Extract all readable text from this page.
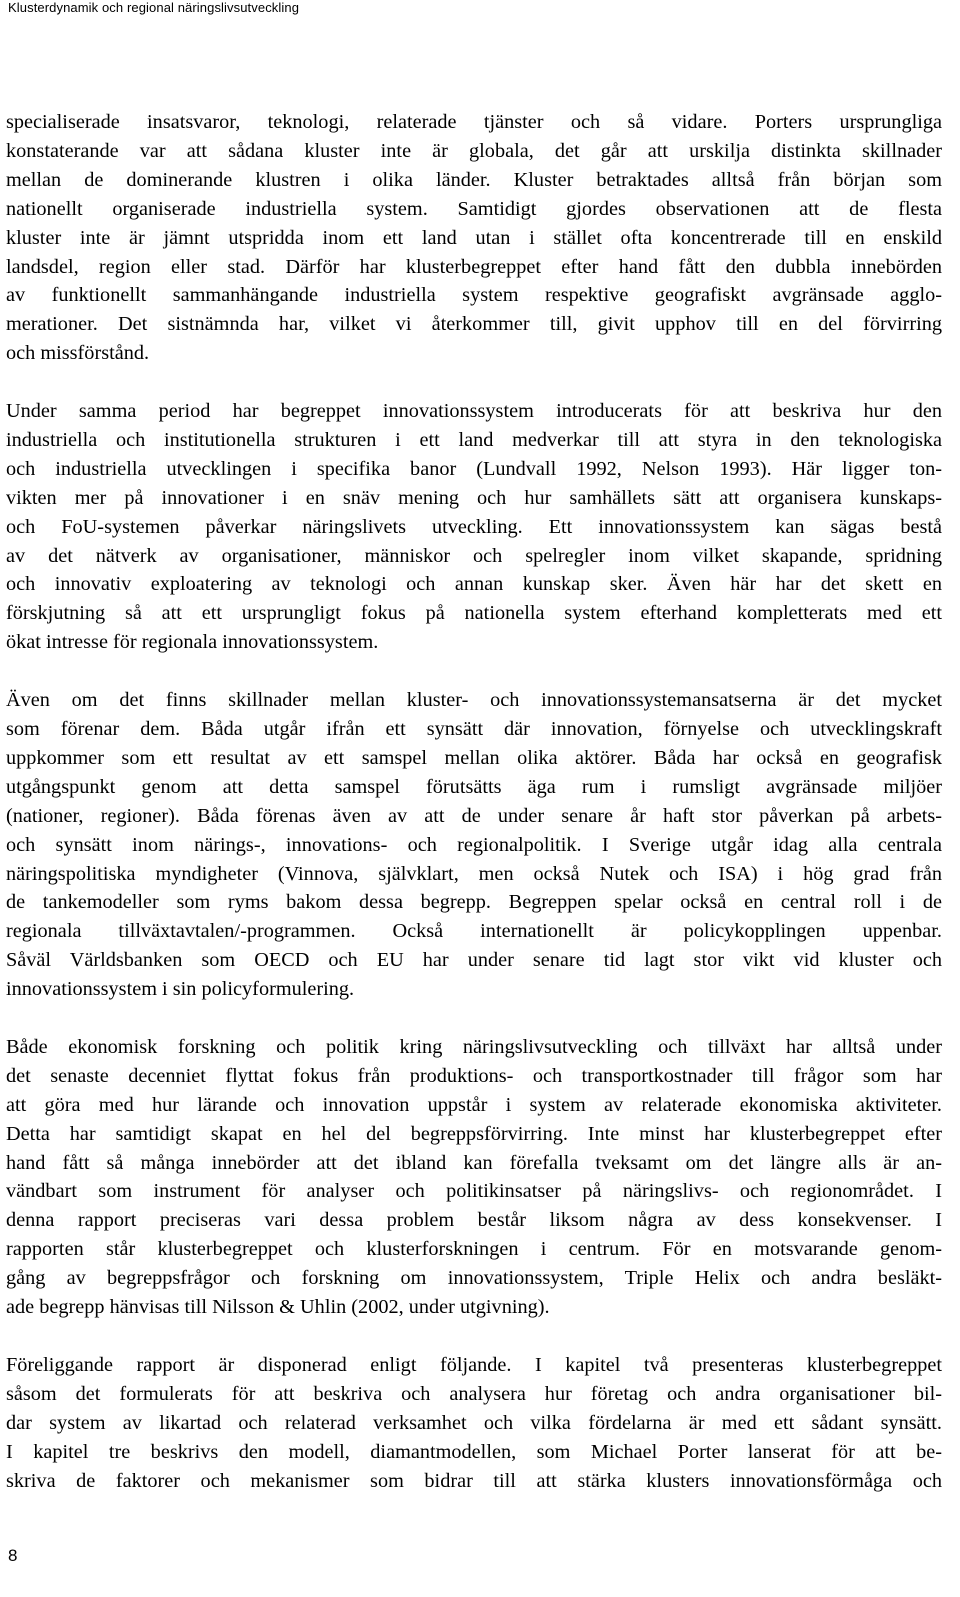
Klusterdynamik och regional näringslivsutveckling

specialiserade insatsvaror, teknologi, relaterade tjänster och så vidare. Porters ursprungliga
konstaterande var att sådana kluster inte är globala, det går att urskilja distinkta skillnader
mellan de dominerande klustren i olika länder. Kluster betraktades alltså från början som
nationellt organiserade industriella system. Samtidigt gjordes observationen att de flesta
kluster inte är jämnt utspridda inom ett land utan i stället ofta koncentrerade till en enskild
landsdel, region eller stad. Därför har klusterbegreppet efter hand fått den dubbla innebörden
av funktionellt sammanhängande industriella system respektive geografiskt avgränsade agglo-
merationer. Det sistnämnda har, vilket vi återkommer till, givit upphov till en del förvirring
och missförstånd.

Under samma period har begreppet innovationssystem introducerats för att beskriva hur den
industriella och institutionella strukturen i ett land medverkar till att styra in den teknologiska
och industriella utvecklingen i specifika banor (Lundvall 1992, Nelson 1993). Här ligger ton-
vikten mer på innovationer i en snäv mening och hur samhällets sätt att organisera kunskaps-
och FoU-systemen påverkar näringslivets utveckling. Ett innovationssystem kan sägas bestå
av det nätverk av organisationer, människor och spelregler inom vilket skapande, spridning
och innovativ exploatering av teknologi och annan kunskap sker. Även här har det skett en
förskjutning så att ett ursprungligt fokus på nationella system efterhand kompletterats med ett
ökat intresse för regionala innovationssystem.

Även om det finns skillnader mellan kluster- och innovationssystemansatserna är det mycket
som förenar dem. Båda utgår ifrån ett synsätt där innovation, förnyelse och utvecklingskraft
uppkommer som ett resultat av ett samspel mellan olika aktörer. Båda har också en geografisk
utgångspunkt genom att detta samspel förutsätts äga rum i rumsligt avgränsade miljöer
(nationer, regioner). Båda förenas även av att de under senare år haft stor påverkan på arbets-
och synsätt inom närings-, innovations- och regionalpolitik. I Sverige utgår idag alla centrala
näringspolitiska myndigheter (Vinnova, självklart, men också Nutek och ISA) i hög grad från
de tankemodeller som ryms bakom dessa begrepp. Begreppen spelar också en central roll i de
regionala tillväxtavtalen/-programmen. Också internationellt är policykopplingen uppenbar.
Såväl Världsbanken som OECD och EU har under senare tid lagt stor vikt vid kluster och
innovationssystem i sin policyformulering.

Både ekonomisk forskning och politik kring näringslivsutveckling och tillväxt har alltså under
det senaste decenniet flyttat fokus från produktions- och transportkostnader till frågor som har
att göra med hur lärande och innovation uppstår i system av relaterade ekonomiska aktiviteter.
Detta har samtidigt skapat en hel del begreppsförvirring. Inte minst har klusterbegreppet efter
hand fått så många innebörder att det ibland kan förefalla tveksamt om det längre alls är an-
vändbart som instrument för analyser och politikinsatser på näringslivs- och regionområdet. I
denna rapport preciseras vari dessa problem består liksom några av dess konsekvenser. I
rapporten står klusterbegreppet och klusterforskningen i centrum. För en motsvarande genom-
gång av begreppsfrågor och forskning om innovationssystem, Triple Helix och andra besläkt-
ade begrepp hänvisas till Nilsson & Uhlin (2002, under utgivning).

Föreliggande rapport är disponerad enligt följande. I kapitel två presenteras klusterbegreppet
såsom det formulerats för att beskriva och analysera hur företag och andra organisationer bil-
dar system av likartad och relaterad verksamhet och vilka fördelarna är med ett sådant synsätt.
I kapitel tre beskrivs den modell, diamantmodellen, som Michael Porter lanserat för att be-
skriva de faktorer och mekanismer som bidrar till att stärka klusters innovationsförmåga och

8
